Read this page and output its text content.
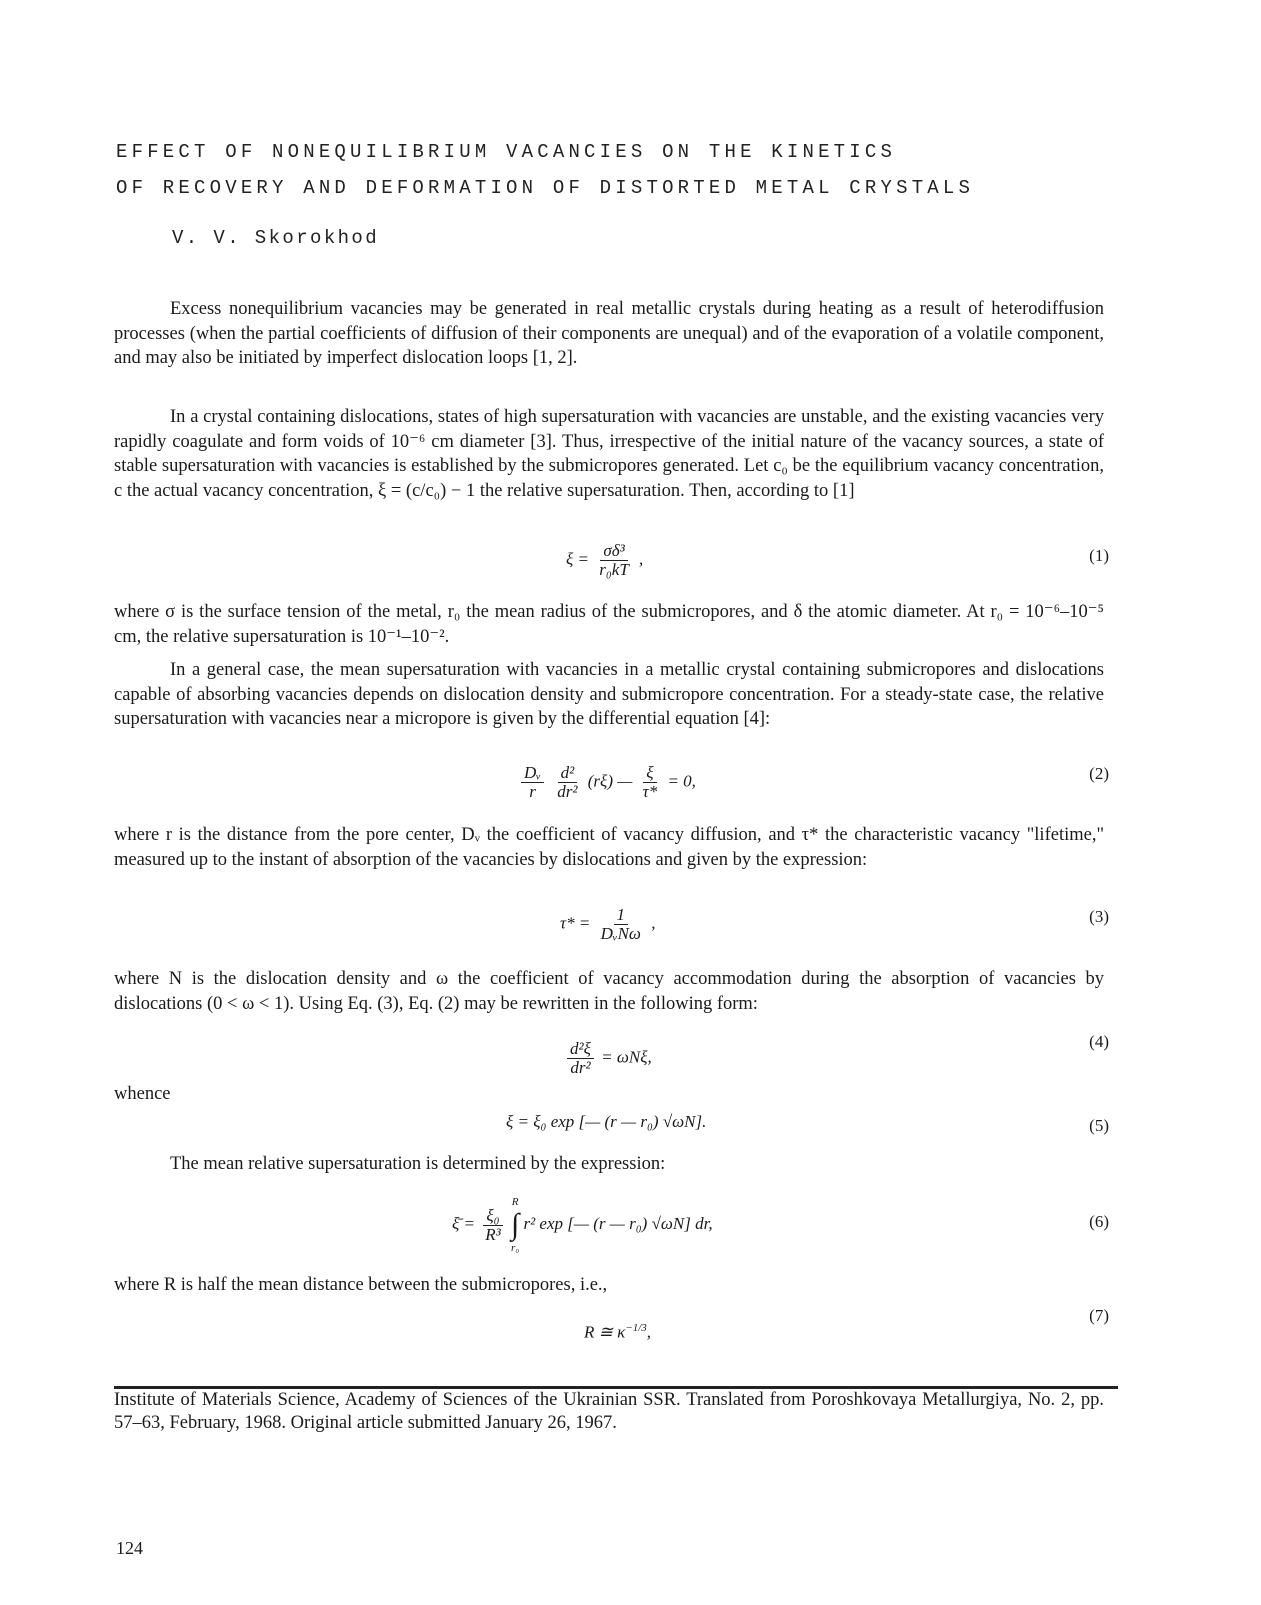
EFFECT OF NONEQUILIBRIUM VACANCIES ON THE KINETICS
OF RECOVERY AND DEFORMATION OF DISTORTED METAL CRYSTALS
V. V. Skorokhod
Excess nonequilibrium vacancies may be generated in real metallic crystals during heating as a result of heterodiffusion processes (when the partial coefficients of diffusion of their components are unequal) and of the evaporation of a volatile component, and may also be initiated by imperfect dislocation loops [1, 2].
In a crystal containing dislocations, states of high supersaturation with vacancies are unstable, and the existing vacancies very rapidly coagulate and form voids of 10⁻⁶ cm diameter [3]. Thus, irrespective of the initial nature of the vacancy sources, a state of stable supersaturation with vacancies is established by the submicropores generated. Let c₀ be the equilibrium vacancy concentration, c the actual vacancy concentration, ξ = (c/c₀) − 1 the relative supersaturation. Then, according to [1]
$\xi = \frac{\text{σδ³}}{\text{r₀kT}}$ ,	(1)
where σ is the surface tension of the metal, r₀ the mean radius of the submicropores, and δ the atomic diameter. At r₀ = 10⁻⁶–10⁻⁵ cm, the relative supersaturation is 10⁻¹–10⁻².
In a general case, the mean supersaturation with vacancies in a metallic crystal containing submicropores and dislocations capable of absorbing vacancies depends on dislocation density and submicropore concentration. For a steady-state case, the relative supersaturation with vacancies near a micropore is given by the differential equation [4]:
$\frac{\text{Dᵥ}}{r}$
$\frac{\text{d²}}{\text{dr²}} (r\xi)$ — $\frac{\xi}{\tau*} = 0$,	(2)
where r is the distance from the pore center, Dᵥ the coefficient of vacancy diffusion, and τ* the characteristic vacancy "lifetime," measured up to the instant of absorption of the vacancies by dislocations and given by the expression:
$\tau* = \frac{1}{\text{DᵥNω}}$ ,	(3)
where N is the dislocation density and ω the coefficient of vacancy accommodation during the absorption of vacancies by dislocations (0 < ω < 1). Using Eq. (3), Eq. (2) may be rewritten in the following form:
$\frac{\text{d²ξ}}{\text{dr²}} = \omega N\xi$,
(4)
whence
ξ = ξ₀ exp [— (r — r₀) √ωN].	(5)
The mean relative supersaturation is determined by the expression:
ξ̄ = $\frac{\text{ξ₀}}{\text{R³}}$

R
∫
r₀
r² exp [— (r — r₀) √ωN] dr,	(6)
where R is half the mean distance between the submicropores, i.e.,
R ≅ $\kappa^{-1/3}$,
(7)
Institute of Materials Science, Academy of Sciences of the Ukrainian SSR. Translated from Poroshkovaya Metallurgiya, No. 2, pp. 57–63, February, 1968. Original article submitted January 26, 1967.
124
